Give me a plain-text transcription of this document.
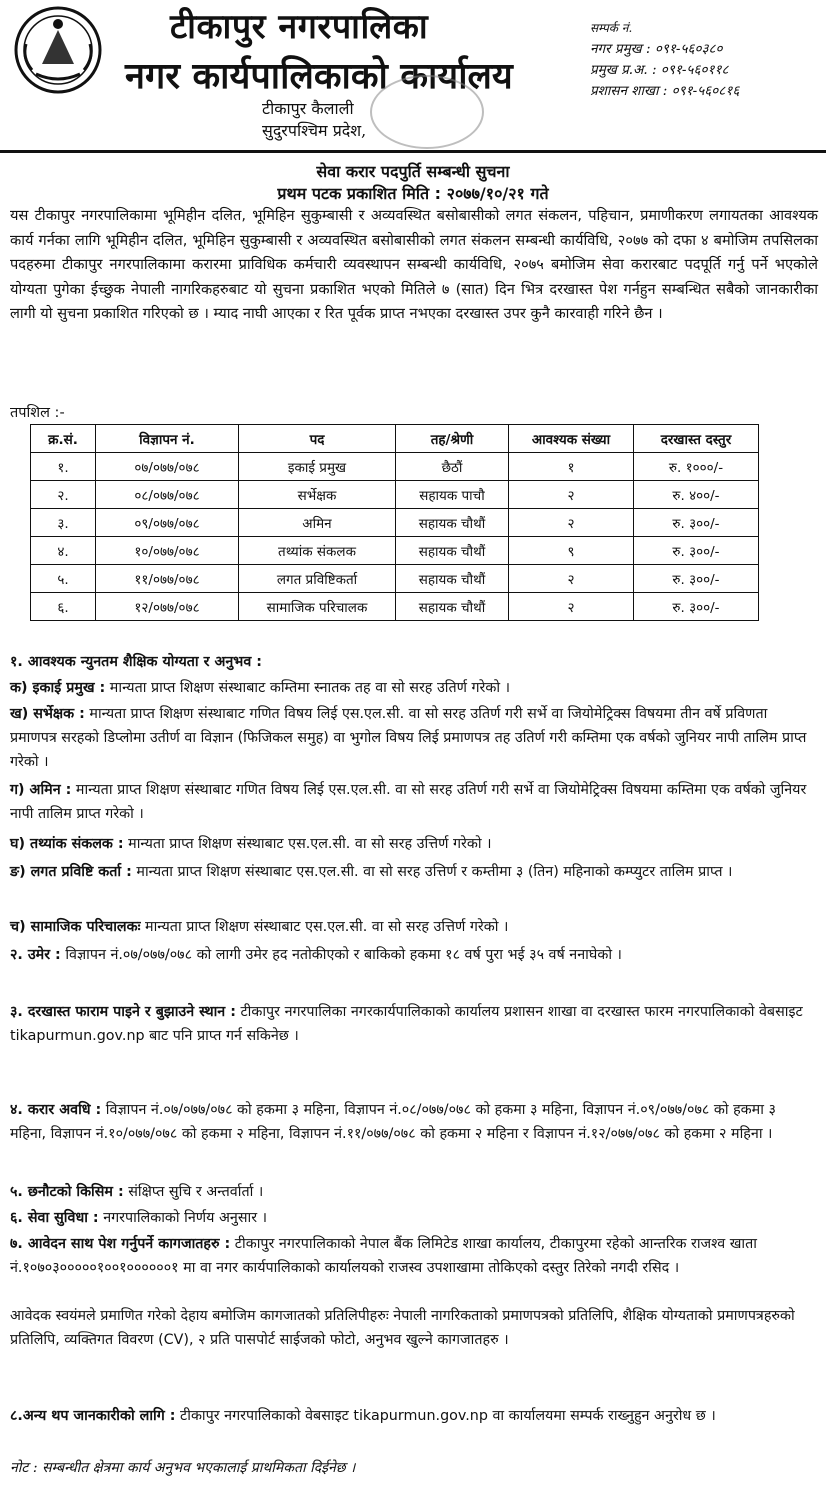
टीकापुर नगरपालिका
नगर कार्यपालिकाको कार्यालय
टीकापुर कैलाली
सुदुरपश्चिम प्रदेश,
सम्पर्क नं.
नगर प्रमुख : ०९१-५६०३८०
प्रमुख प्र.अ. : ०९१-५६०११८
प्रशासन शाखा : ०९१-५६०८१६
सेवा करार पदपुर्ति सम्बन्धी सुचना
प्रथम पटक प्रकाशित मिति : २०७७/१०/२१ गते
यस टीकापुर नगरपालिकामा भूमिहीन दलित, भूमिहिन सुकुम्बासी र अव्यवस्थित बसोबासीको लगत संकलन, पहिचान, प्रमाणीकरण लगायतका आवश्यक कार्य गर्नका लागि भूमिहीन दलित, भूमिहिन सुकुम्बासी र अव्यवस्थित बसोबासीको लगत संकलन सम्बन्धी कार्यविधि, २०७७ को दफा ४ बमोजिम तपसिलका पदहरुमा टीकापुर नगरपालिकामा करारमा प्राविधिक कर्मचारी व्यवस्थापन सम्बन्धी कार्यविधि, २०७५ बमोजिम सेवा करारबाट पदपूर्ति गर्नु पर्ने भएकोले योग्यता पुगेका ईच्छुक नेपाली नागरिकहरुबाट यो सुचना प्रकाशित भएको मितिले ७ (सात) दिन भित्र दरखास्त पेश गर्नहुन सम्बन्धित सबैको जानकारीका लागी यो सुचना प्रकाशित गरिएको छ । म्याद नाघी आएका र रित पूर्वक प्राप्त नभएका दरखास्त उपर कुनै कारवाही गरिने छैन ।
तपशिल :-
क्र.सं.	विज्ञापन नं.	पद	तह/श्रेणी	आवश्यक संख्या	दरखास्त दस्तुर
१.	०७/०७७/०७८	इकाई प्रमुख	छैठौं	१	रु. १०००/-
२.	०८/०७७/०७८	सर्भेक्षक	सहायक पाचौ	२	रु. ४००/-
३.	०९/०७७/०७८	अमिन	सहायक चौथौं	२	रु. ३००/-
४.	१०/०७७/०७८	तथ्यांक संकलक	सहायक चौथौं	९	रु. ३००/-
५.	११/०७७/०७८	लगत प्रविष्टिकर्ता	सहायक चौथौं	२	रु. ३००/-
६.	१२/०७७/०७८	सामाजिक परिचालक	सहायक चौथौं	२	रु. ३००/-
१. आवश्यक न्युनतम शैक्षिक योग्यता र अनुभव :
क) इकाई प्रमुख : मान्यता प्राप्त शिक्षण संस्थाबाट कम्तिमा स्नातक तह वा सो सरह उतिर्ण गरेको ।
ख) सर्भेक्षक : मान्यता प्राप्त शिक्षण संस्थाबाट गणित विषय लिई एस.एल.सी. वा सो सरह उतिर्ण गरी सर्भे वा जियोमेट्रिक्स विषयमा तीन वर्षे प्रविणता प्रमाणपत्र सरहको डिप्लोमा उतीर्ण वा विज्ञान (फिजिकल समुह) वा भुगोल विषय लिई प्रमाणपत्र तह उतिर्ण गरी कम्तिमा एक वर्षको जुनियर नापी तालिम प्राप्त गरेको ।
ग) अमिन : मान्यता प्राप्त शिक्षण संस्थाबाट गणित विषय लिई एस.एल.सी. वा सो सरह उतिर्ण गरी सर्भे वा जियोमेट्रिक्स विषयमा कम्तिमा एक वर्षको जुनियर नापी तालिम प्राप्त गरेको ।
घ) तथ्यांक संकलक : मान्यता प्राप्त शिक्षण संस्थाबाट एस.एल.सी. वा सो सरह उत्तिर्ण गरेको ।
ङ) लगत प्रविष्टि कर्ता : मान्यता प्राप्त शिक्षण संस्थाबाट एस.एल.सी. वा सो सरह उत्तिर्ण र कम्तीमा ३ (तिन) महिनाको कम्प्युटर तालिम प्राप्त ।
च) सामाजिक परिचालकः मान्यता प्राप्त शिक्षण संस्थाबाट एस.एल.सी. वा सो सरह उत्तिर्ण गरेको ।
२. उमेर : विज्ञापन नं.०७/०७७/०७८ को लागी उमेर हद नतोकीएको र बाकिको हकमा १८ वर्ष पुरा भई ३५ वर्ष ननाघेको ।
३. दरखास्त फाराम पाइने र बुझाउने स्थान : टीकापुर नगरपालिका नगरकार्यपालिकाको कार्यालय प्रशासन शाखा वा दरखास्त फारम नगरपालिकाको वेबसाइट tikapurmun.gov.np बाट पनि प्राप्त गर्न सकिनेछ ।
४. करार अवधि : विज्ञापन नं.०७/०७७/०७८ को हकमा ३ महिना, विज्ञापन नं.०८/०७७/०७८ को हकमा ३ महिना, विज्ञापन नं.०९/०७७/०७८ को हकमा ३ महिना, विज्ञापन नं.१०/०७७/०७८ को हकमा २ महिना, विज्ञापन नं.११/०७७/०७८ को हकमा २ महिना र विज्ञापन नं.१२/०७७/०७८ को हकमा २ महिना ।
५. छनौटको किसिम : संक्षिप्त सुचि र अन्तर्वार्ता ।
६. सेवा सुविधा : नगरपालिकाको निर्णय अनुसार ।
७. आवेदन साथ पेश गर्नुपर्ने कागजातहरु : टीकापुर नगरपालिकाको नेपाल बैंक लिमिटेड शाखा कार्यालय, टीकापुरमा रहेको आन्तरिक राजश्व खाता नं.१०७०३०००००१००१००००००१ मा वा नगर कार्यपालिकाको कार्यालयको राजस्व उपशाखामा तोकिएको दस्तुर तिरेको नगदी रसिद ।
आवेदक स्वयंमले प्रमाणित गरेको देहाय बमोजिम कागजातको प्रतिलिपीहरुः नेपाली नागरिकताको प्रमाणपत्रको प्रतिलिपि, शैक्षिक योग्यताको प्रमाणपत्रहरुको प्रतिलिपि, व्यक्तिगत विवरण (CV), २ प्रति पासपोर्ट साईजको फोटो, अनुभव खुल्ने कागजातहरु ।
८.अन्य थप जानकारीको लागि : टीकापुर नगरपालिकाको वेबसाइट tikapurmun.gov.np वा कार्यालयमा सम्पर्क राख्नुहुन अनुरोध छ ।
नोट : सम्बन्धीत क्षेत्रमा कार्य अनुभव भएकालाई प्राथमिकता दिईनेछ ।
